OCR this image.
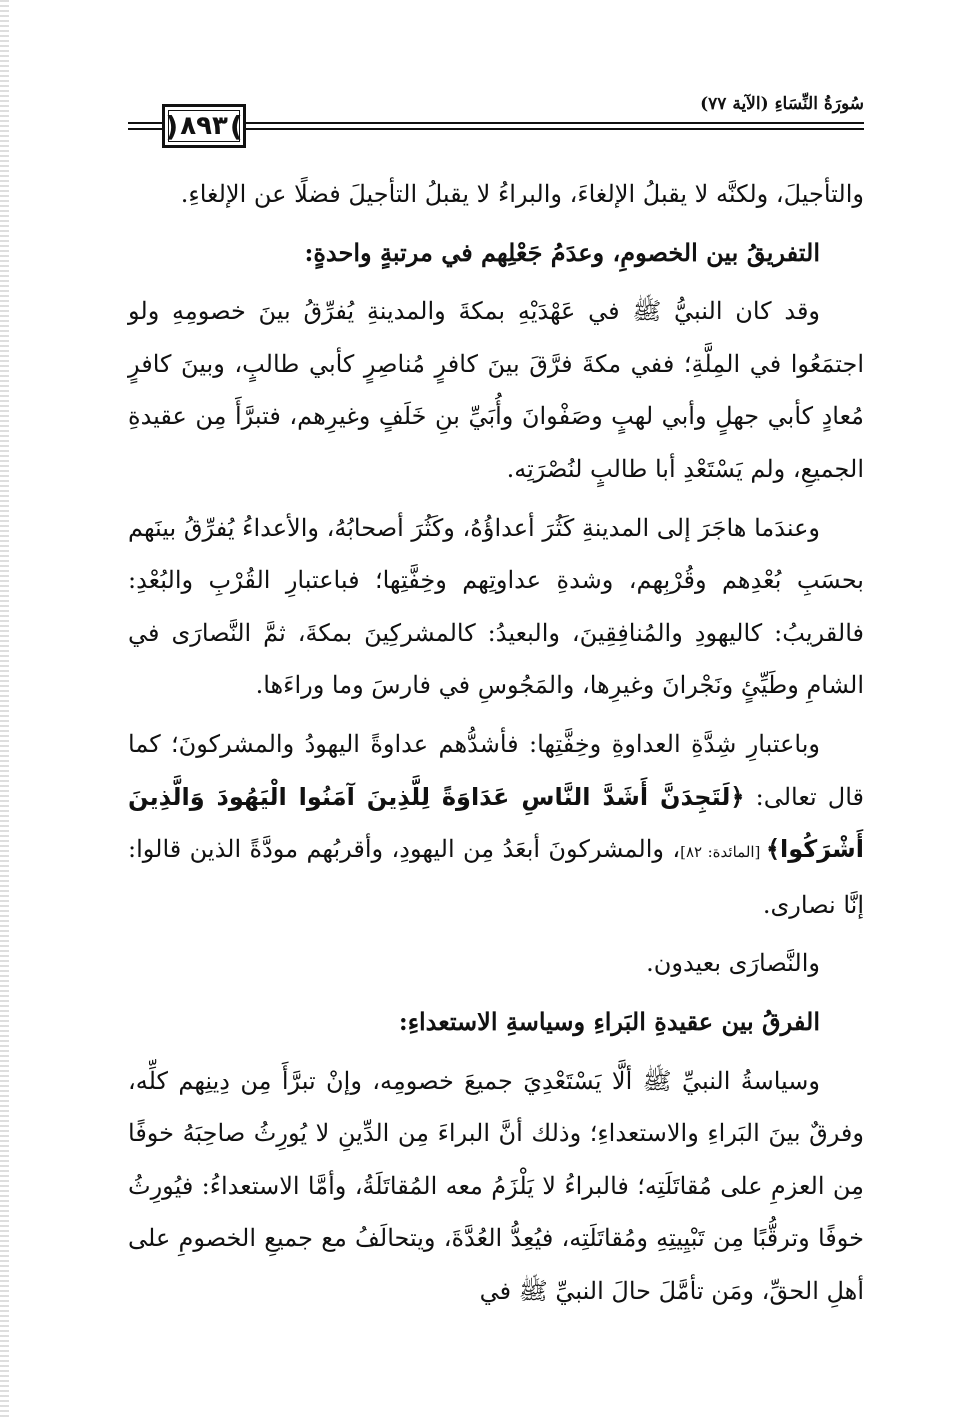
) ٨٩٣ (
سُورَةُ النِّسَاءِ (الآية ٧٧)

والتأجيلَ، ولكنَّه لا يقبلُ الإلغاءَ، والبراءُ لا يقبلُ التأجيلَ فضلًا عن الإلغاءِ.

التفريقُ بين الخصومِ، وعدَمُ جَعْلِهم في مرتبةٍ واحدةٍ:

وقد كان النبيُّ ﷺ في عَهْدَيْهِ بمكةَ والمدينةِ يُفرِّقُ بينَ خصومِهِ ولو اجتمَعُوا في المِلَّةِ؛ ففي مكةَ فرَّقَ بينَ كافرٍ مُناصِرٍ كأبي طالبٍ، وبينَ كافرٍ مُعادٍ كأبي جهلٍ وأبي لهبٍ وصَفْوانَ وأُبَيِّ بنِ خَلَفٍ وغيرِهم، فتبرَّأَ مِن عقيدةِ الجميعِ، ولم يَسْتَعْدِ أبا طالبٍ لنُصْرَتِه.

وعندَما هاجَرَ إلى المدينةِ كَثُرَ أعداؤُهُ، وكَثُرَ أصحابُهُ، والأعداءُ يُفرِّقُ بينَهم بحسَبِ بُعْدِهم وقُرْبِهم، وشدةِ عداوتِهم وخِفَّتِها؛ فباعتبارِ القُرْبِ والبُعْدِ: فالقريبُ: كاليهودِ والمُنافِقِينَ، والبعيدُ: كالمشركِينَ بمكةَ، ثمَّ النَّصارَى في الشامِ وطَيِّئٍ ونَجْرانَ وغيرِها، والمَجُوسِ في فارسَ وما وراءَها.

وباعتبارِ شِدَّةِ العداوةِ وخِفَّتِها: فأشدُّهم عداوةً اليهودُ والمشركونَ؛ كما قال تعالى: ﴿لَتَجِدَنَّ أَشَدَّ النَّاسِ عَدَاوَةً لِلَّذِينَ آمَنُوا الْيَهُودَ وَالَّذِينَ أَشْرَكُوا﴾ [المائدة: ٨٢]، والمشركونَ أبعَدُ مِن اليهودِ، وأقربُهم مودَّةً الذين قالوا: إنَّا نصارى.

والنَّصارَى بعيدون.

الفرقُ بين عقيدةِ البَراءِ وسياسةِ الاستعداءِ:

وسياسةُ النبيِّ ﷺ ألَّا يَسْتَعْدِيَ جميعَ خصومِه، وإنْ تبرَّأَ مِن دِينِهم كلِّه، وفرقٌ بينَ البَراءِ والاستعداءِ؛ وذلك أنَّ البراءَ مِن الدِّينِ لا يُورِثُ صاحِبَهُ خوفًا مِن العزمِ على مُقاتَلَتِه؛ فالبراءُ لا يَلْزَمُ معه المُقاتَلَةُ، وأمَّا الاستعداءُ: فيُورِثُ خوفًا وترقُّبًا مِن تَبْيِيتِهِ ومُقاتَلَتِه، فيُعِدُّ العُدَّةَ، ويتحالَفُ مع جميعِ الخصومِ على أهلِ الحقِّ، ومَن تأمَّلَ حالَ النبيِّ ﷺ في
